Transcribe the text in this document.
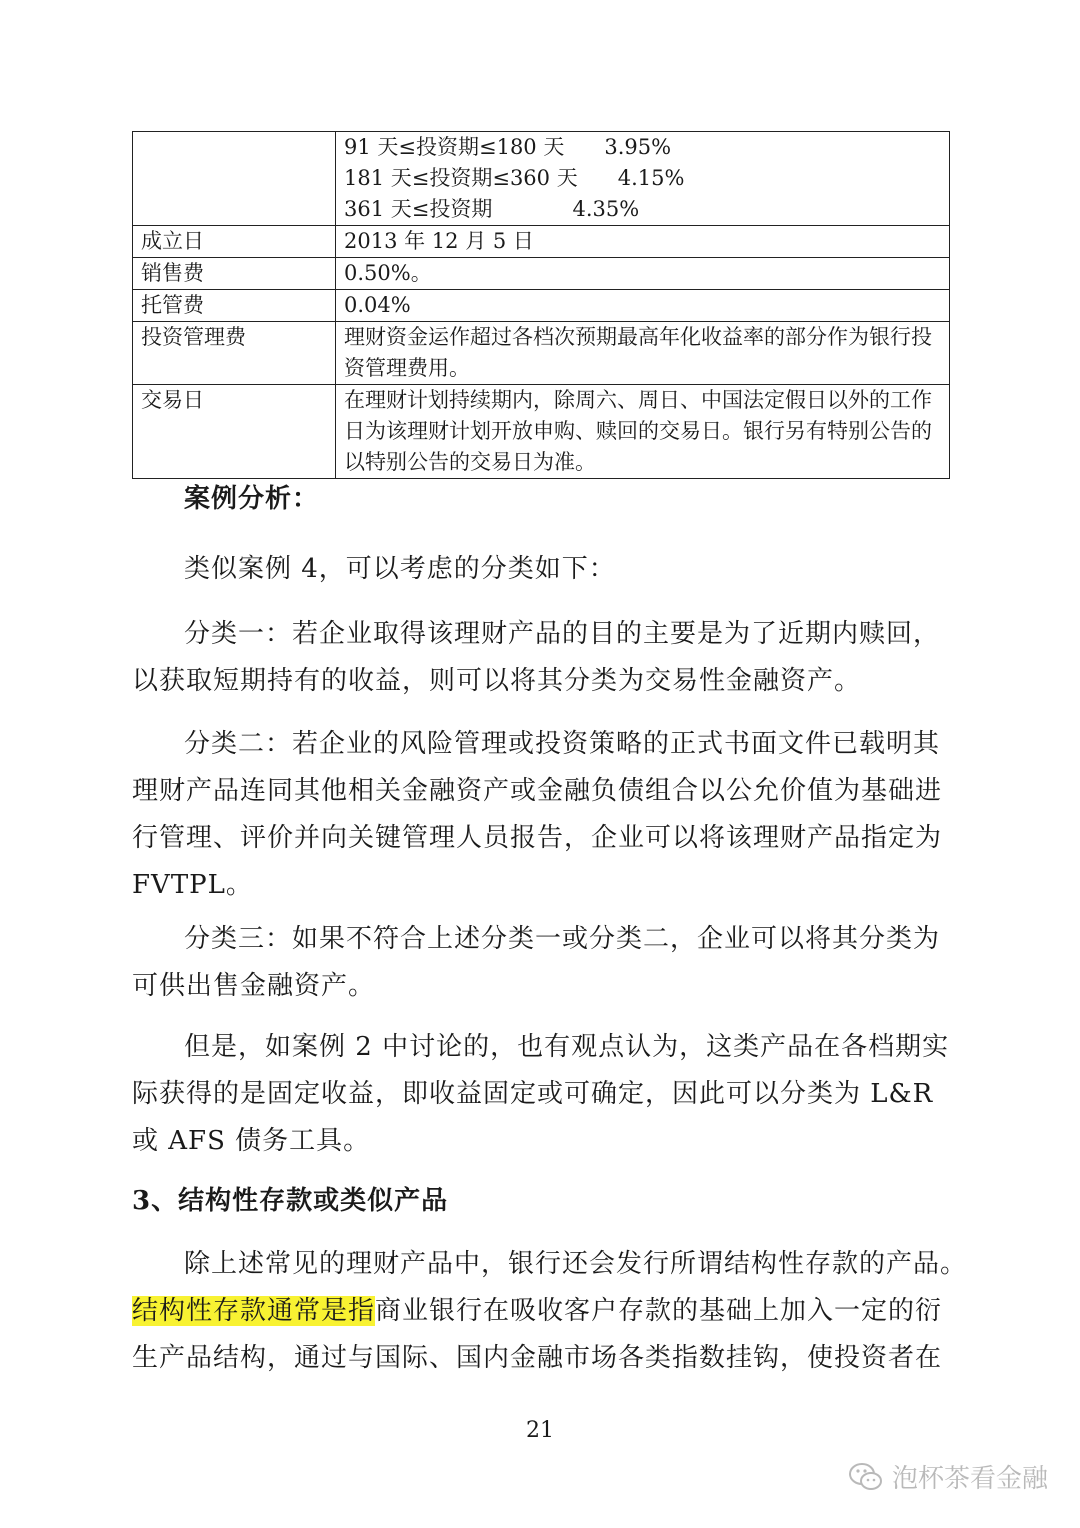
	91 天≤投资期≤180 天      3.95%
181 天≤投资期≤360 天      4.15%
361 天≤投资期            4.35%

成立日	2013 年 12 月 5 日
销售费	0.50%。
托管费	0.04%
投资管理费	理财资金运作超过各档次预期最高年化收益率的部分作为银行投资管理费用。
交易日	在理财计划持续期内，除周六、周日、中国法定假日以外的工作日为该理财计划开放申购、赎回的交易日。银行另有特别公告的以特别公告的交易日为准。

案例分析：

类似案例 4，可以考虑的分类如下：

分类一：若企业取得该理财产品的目的主要是为了近期内赎回，以获取短期持有的收益，则可以将其分类为交易性金融资产。

分类二：若企业的风险管理或投资策略的正式书面文件已载明其理财产品连同其他相关金融资产或金融负债组合以公允价值为基础进行管理、评价并向关键管理人员报告，企业可以将该理财产品指定为 FVTPL。

分类三：如果不符合上述分类一或分类二，企业可以将其分类为可供出售金融资产。

但是，如案例 2 中讨论的，也有观点认为，这类产品在各档期实际获得的是固定收益，即收益固定或可确定，因此可以分类为 L&R 或 AFS 债务工具。

3、结构性存款或类似产品

除上述常见的理财产品中，银行还会发行所谓结构性存款的产品。

结构性存款通常是指商业银行在吸收客户存款的基础上加入一定的衍生产品结构，通过与国际、国内金融市场各类指数挂钩，使投资者在

21
泡杯茶看金融
